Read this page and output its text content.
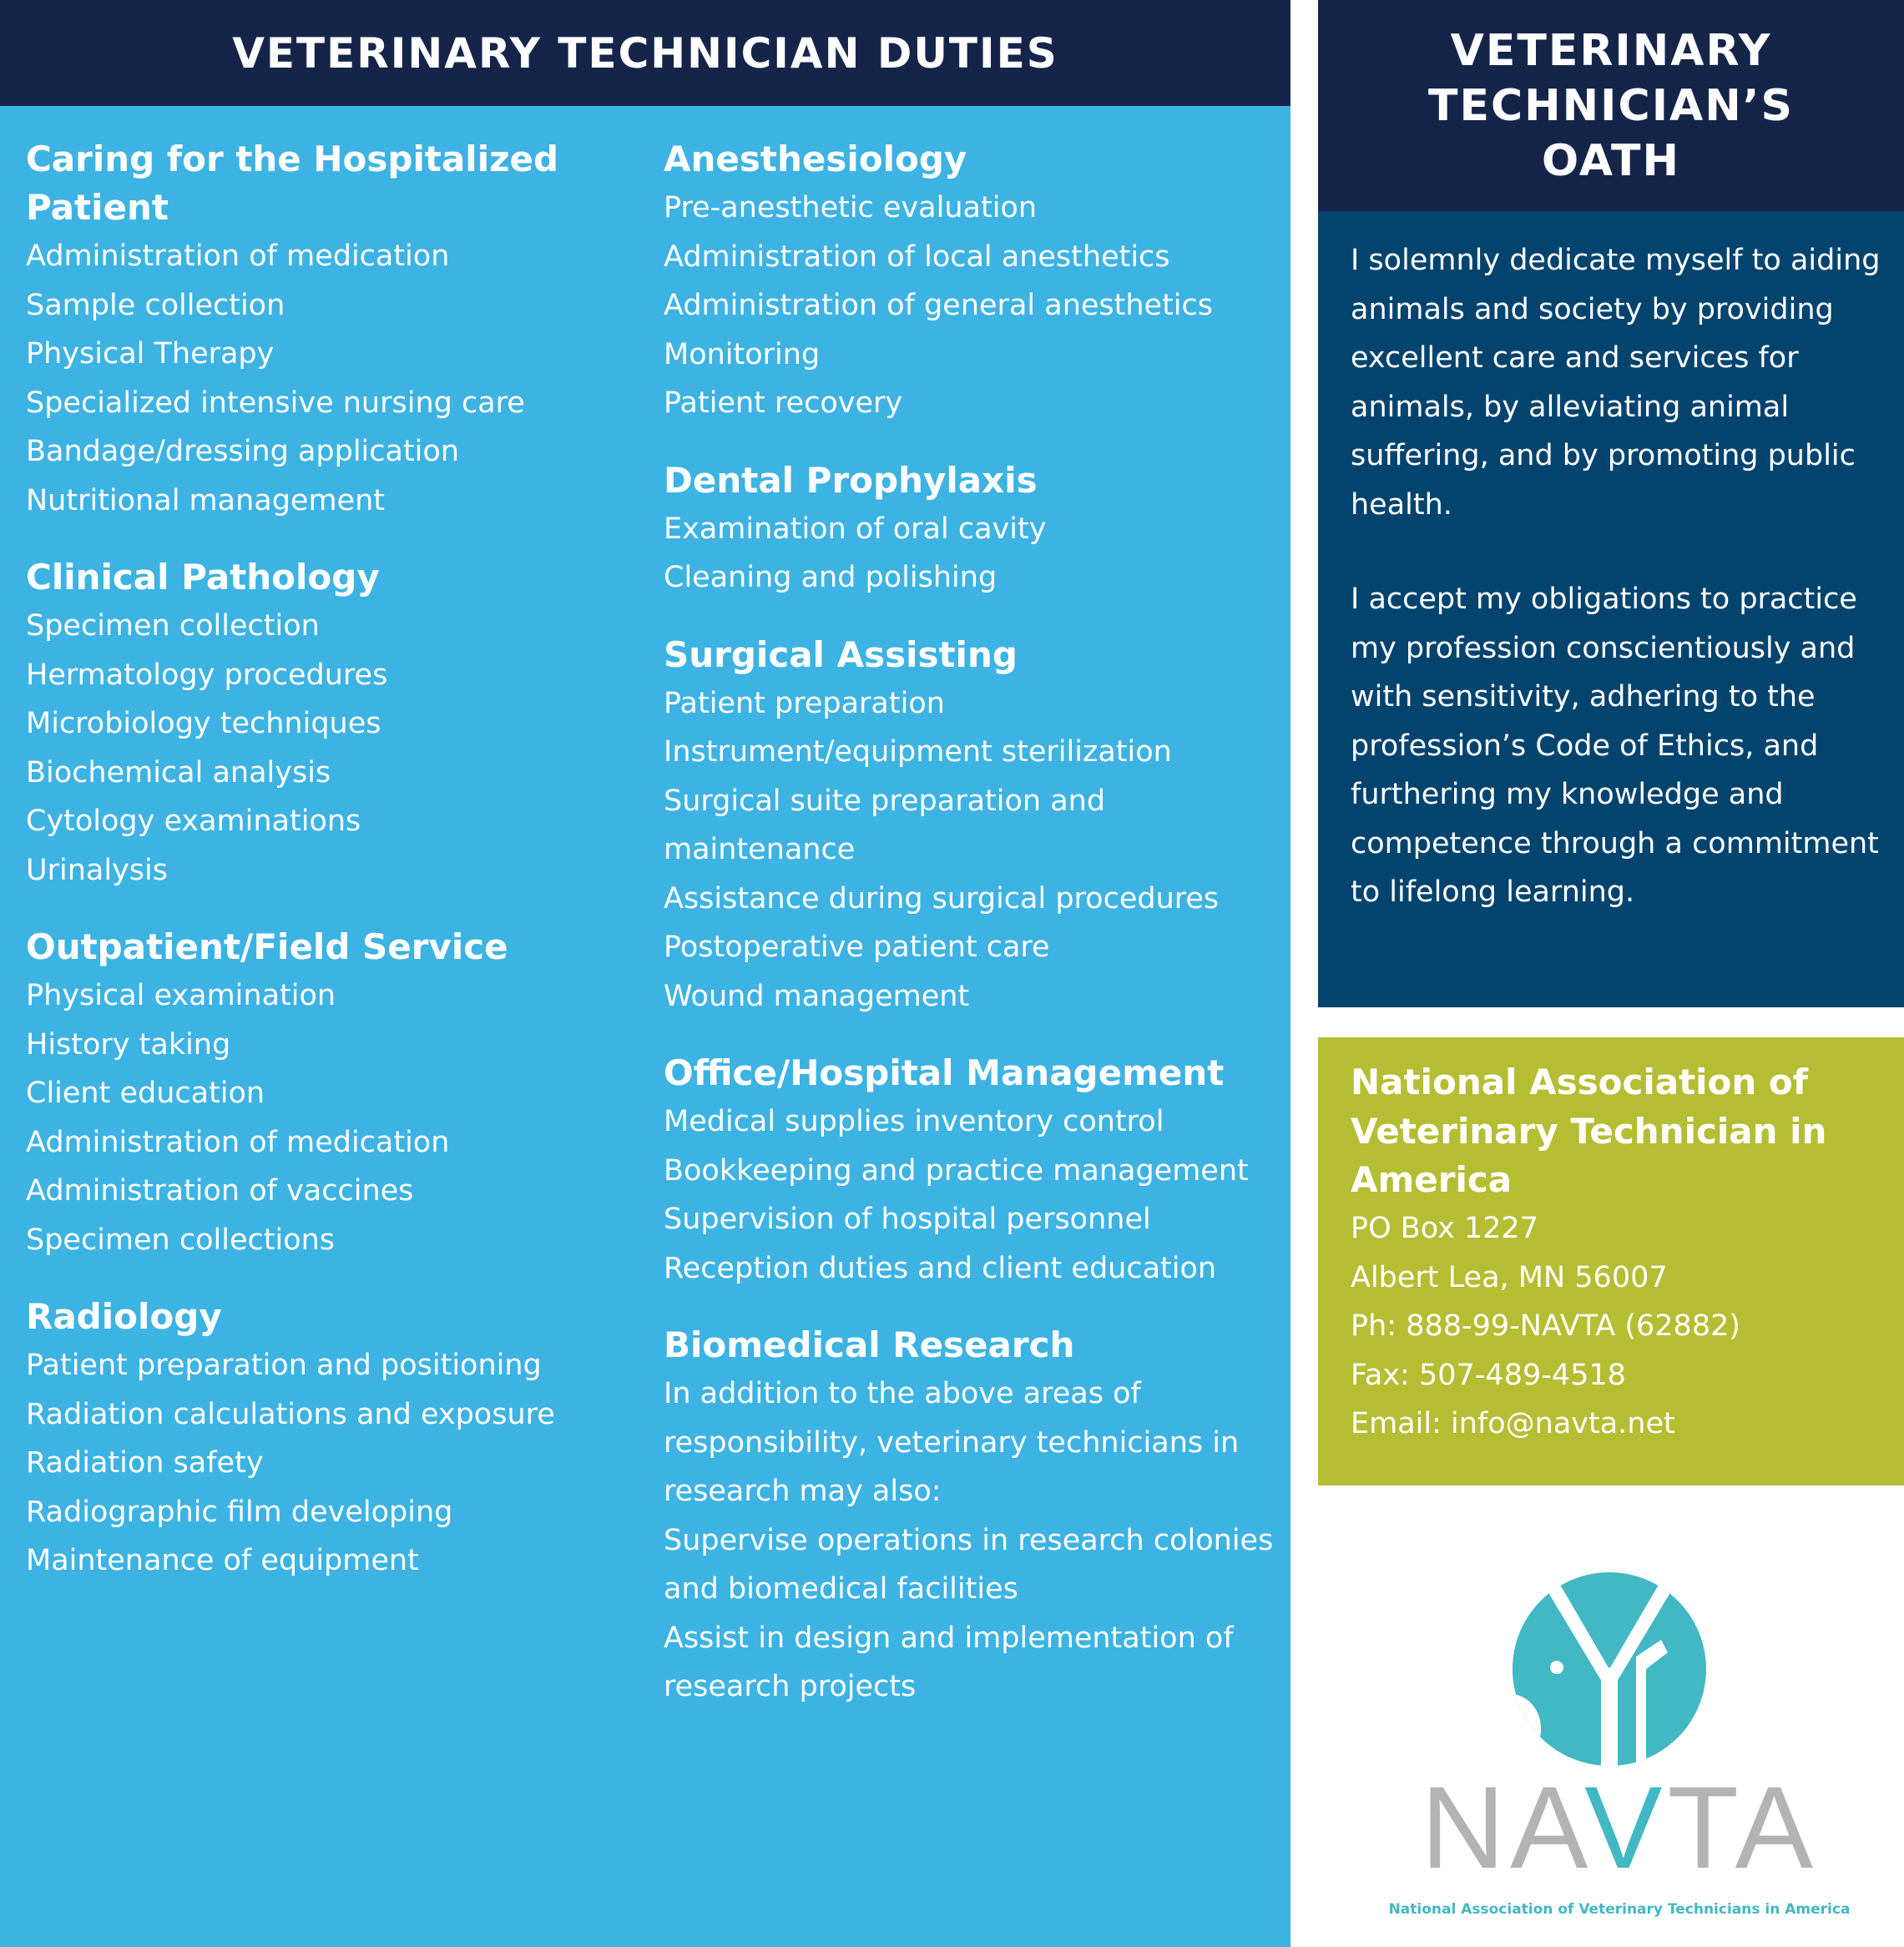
VETERINARY TECHNICIAN DUTIES
Caring for the Hospitalized Patient
Administration of medication
Sample collection
Physical Therapy
Specialized intensive nursing care
Bandage/dressing application
Nutritional management
Clinical Pathology
Specimen collection
Hermatology procedures
Microbiology techniques
Biochemical analysis
Cytology examinations
Urinalysis
Outpatient/Field Service
Physical examination
History taking
Client education
Administration of medication
Administration of vaccines
Specimen collections
Radiology
Patient preparation and positioning
Radiation calculations and exposure
Radiation safety
Radiographic film developing
Maintenance of equipment
Anesthesiology
Pre-anesthetic evaluation
Administration of local anesthetics
Administration of general anesthetics
Monitoring
Patient recovery
Dental Prophylaxis
Examination of oral cavity
Cleaning and polishing
Surgical Assisting
Patient preparation
Instrument/equipment sterilization
Surgical suite preparation and maintenance
Assistance during surgical procedures
Postoperative patient care
Wound management
Office/Hospital Management
Medical supplies inventory control
Bookkeeping and practice management
Supervision of hospital personnel
Reception duties and client education
Biomedical Research
In addition to the above areas of responsibility, veterinary technicians in research may also:
Supervise operations in research colonies and biomedical facilities
Assist in design and implementation of research projects
VETERINARY TECHNICIAN’S OATH

I solemnly dedicate myself to aiding animals and society by providing excellent care and services for animals, by alleviating animal suffering, and by promoting public health.

I accept my obligations to practice my profession conscientiously and with sensitivity, adhering to the profession’s Code of Ethics, and furthering my knowledge and competence through a commitment to lifelong learning.

National Association of Veterinary Technician in America

PO Box 1227
Albert Lea, MN 56007
Ph: 888-99-NAVTA (62882)
Fax: 507-489-4518
Email: info@navta.net
NAVTA
National Association of Veterinary Technicians in America
